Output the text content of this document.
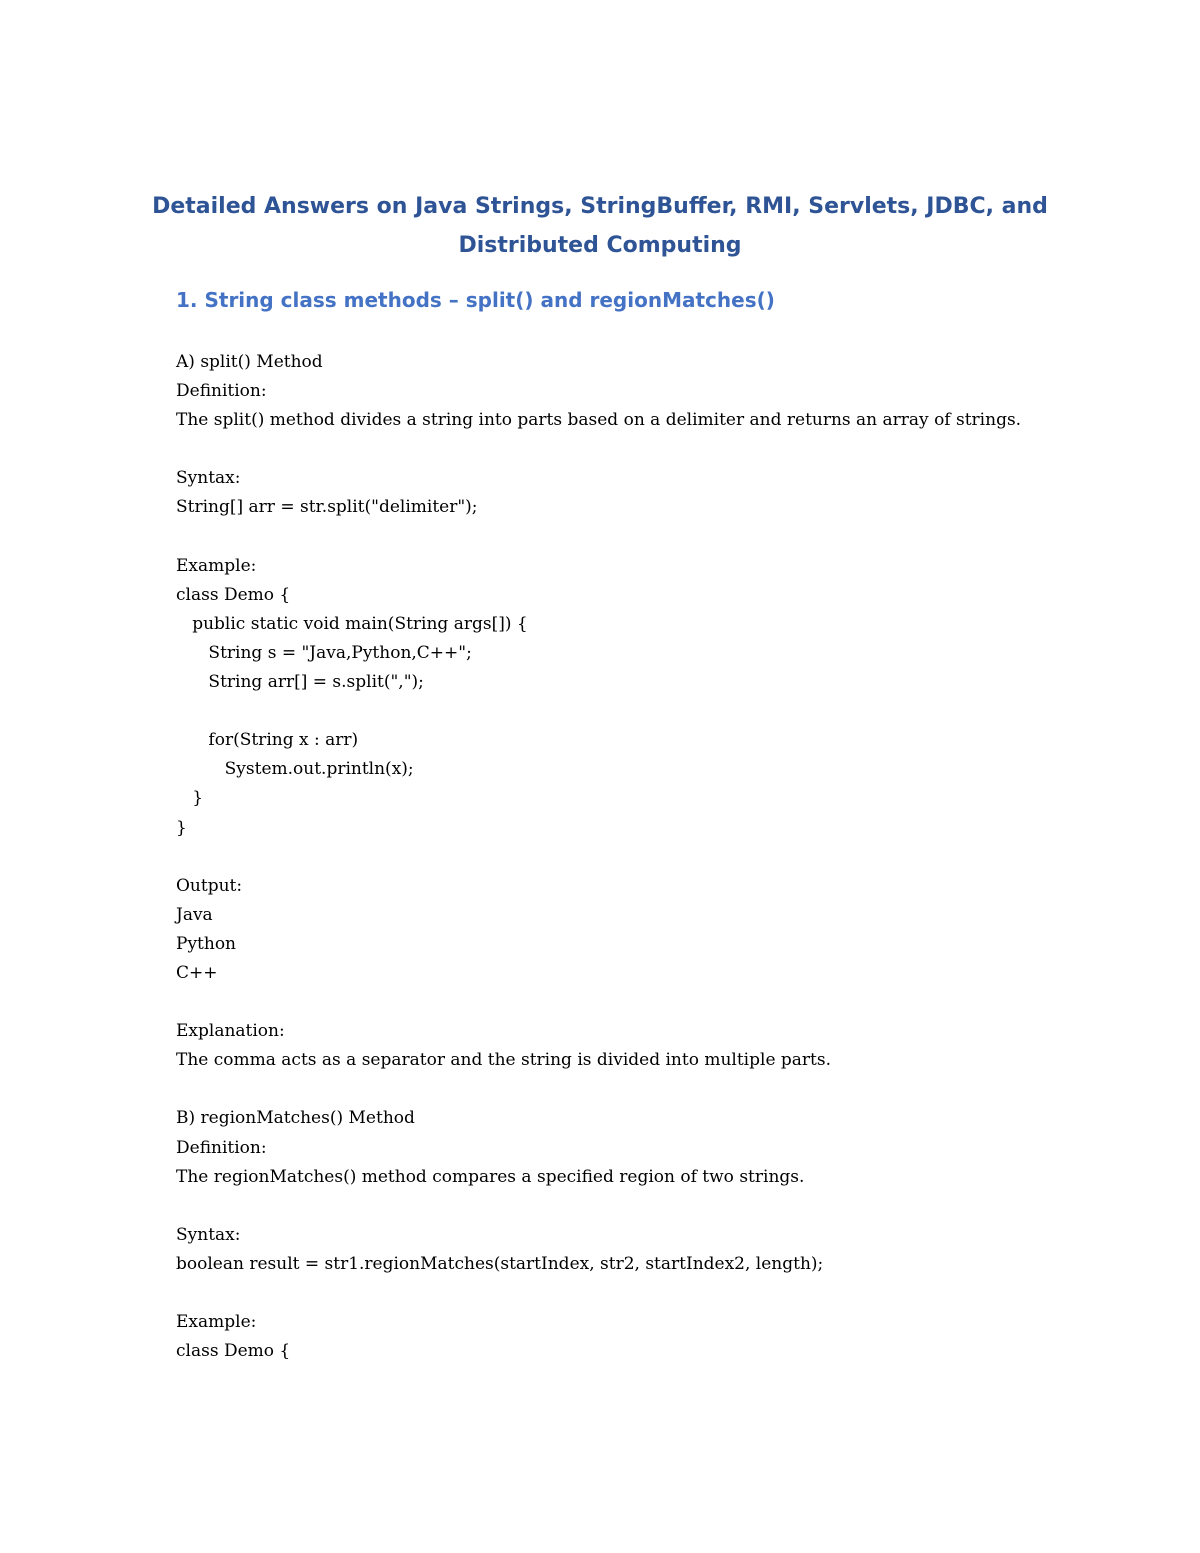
Detailed Answers on Java Strings, StringBuffer, RMI, Servlets, JDBC, and
Distributed Computing
1. String class methods – split() and regionMatches()
A) split() Method
Definition:
The split() method divides a string into parts based on a delimiter and returns an array of strings.
Syntax:
String[] arr = str.split("delimiter");
Example:
class Demo {
public static void main(String args[]) {
String s = "Java,Python,C++";
String arr[] = s.split(",");
for(String x : arr)
System.out.println(x);
}
}
Output:
Java
Python
C++
Explanation:
The comma acts as a separator and the string is divided into multiple parts.
B) regionMatches() Method
Definition:
The regionMatches() method compares a specified region of two strings.
Syntax:
boolean result = str1.regionMatches(startIndex, str2, startIndex2, length);
Example:
class Demo {
